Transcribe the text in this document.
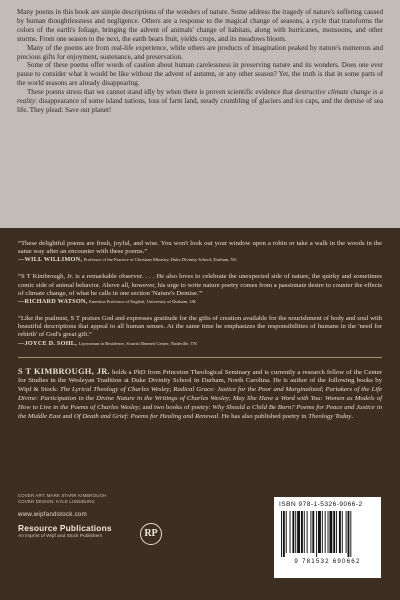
Many poems in this book are simple descriptions of the wonders of nature. Some address the tragedy of nature's suffering caused by human thoughtlessness and negligence. Others are a response to the magical change of seasons, a cycle that transforms the colors of the earth's foliage, bringing the advent of animals' change of habitats, along with hurricanes, monsoons, and other storms. From one season to the next, the earth bears fruit, yields crops, and its meadows bloom.

Many of the poems are from real-life experience, while others are products of imagination peaked by nature's numerous and precious gifts for enjoyment, sustenance, and preservation.

Some of these poems offer words of caution about human carelessness in preserving nature and its wonders. Does one ever pause to consider what it would be like without the advent of autumn, or any other season? Yet, the truth is that in some parts of the world seasons are already disappearing.

These poems stress that we cannot stand idly by when there is proven scientific evidence that destructive climate change is a reality: disappearance of some island nations, loss of farm land, steady crumbling of glaciers and ice caps, and the demise of sea life. They plead: Save our planet!

“These delightful poems are fresh, joyful, and wise. You won't look out your window upon a robin or take a walk in the woods in the same way after an encounter with these poems.”

—WILL WILLIMON, Professor of the Practice of Christian Ministry, Duke Divinity School, Durham, NC

“S T Kimbrough, Jr. is a remarkable observer. . . . He also loves to celebrate the unexpected side of nature, the quirky and sometimes comic side of animal behavior. Above all, however, his urge to write nature poetry comes from a passionate desire to counter the effects of climate change, of what he calls in one section 'Nature's Demise.'”

—RICHARD WATSON, Emeritus Professor of English, University of Durham, UK

“Like the psalmist, S T praises God and expresses gratitude for the gifts of creation available for the nourishment of body and soul with beautiful descriptions that appeal to all human senses. At the same time he emphasizes the responsibilities of humans in the 'need for rebirth' of God's great gift.”

—JOYCE D. SOHL, Laywoman in Residence, Scarritt Bennett Center, Nashville, TN

S T KIMBROUGH, JR. holds a PhD from Princeton Theological Seminary and is currently a research fellow of the Center for Studies in the Wesleyan Tradition at Duke Divinity School in Durham, North Carolina. He is author of the following books by Wipf & Stock: The Lyrical Theology of Charles Wesley; Radical Grace: Justice for the Poor and Marginalized; Partakers of the Life Divine: Participation in the Divine Nature in the Writings of Charles Wesley; May She Have a Word with You: Women as Models of How to Live in the Poems of Charles Wesley; and two books of poetry: Why Should a Child Be Born? Poems for Peace and Justice in the Middle East and Of Death and Grief: Poems for Healing and Renewal. He has also published poetry in Theology Today.

COVER ART: MARK STARR KIMBROUGH
COVER DESIGN: KYLE LUNDBURG
www.wipfandstock.com
Resource Publications
An imprint of Wipf and Stock Publishers	RP
ISBN 978-1-5326-9066-2
9 781532 690662
